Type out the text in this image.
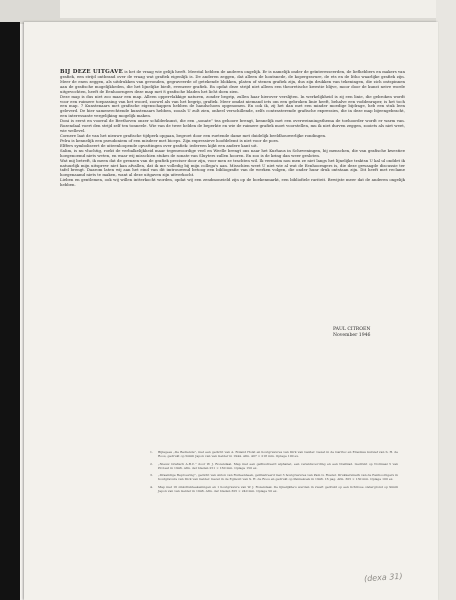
BIJ DEZE UITGAVE is het de vraag wie gelijk heeft. Meestal hebben de anderen ongelijk. Er is namelijk onder de geïnteresseerden, de liefhebbers en makers van grafiek, een strijd ontbrand over de vraag wat grafiek eigenlijk is. De anderen zeggen, dat alleen de houtsnede, de kopergravure, de ets en de litho waarlijke grafiek zijn. Meer de enen zeggen, als uitdrukken van gevonden, gegraveerde of getekende blokken, platen of stenen grafiek zijn, dus zijn drukken van tekeningen, die zich ontspinnen aan de grafische mogelijkheden, die het lijnelijke biedt, evenzeer grafiek. En opdat deze strijd niet alleen een theoretische kwestie blijve, moor door de kunst neive worde uitgevochten, heeft de Eenhoorngers deze map met 8 grafische bladen het licht doen zien.

Deze map is dus niet zoo maar een map. Alleen oppervlakkige naturen, zonder begrip, zullen haar hierover verslijten. In werkelijkheid is zij een linie, die gebroken wordt voor een ruimere toepassing van het woord, zoowel als van het begrip, grafiek. Meer omdat niemand iets om een gebroken linie heeft, behalve een voddenraper, is het toch een map. 7 Kunstenaars met grafische eigenschappen hebben de handschoen opgenomen. En ook ik, zij het dan met een minder moedige bijdrage, heb een stuk leen geleverd. De hier samenvechtende kunstenaars hebben, zooals U zult zien, onheel verschillende, zelfs contrasterende grafische expressies, die in deze map bijeengebracht, een interessante vergelijking mogelijk maken.

Doni is eerst en voorral de Beethoven onzer schilderkunst, die een „sonate” tea gehoore brengt, kennelijk met een overweinningsthema de toehoorder wordt er warm van. Rozendaal voert den strijd zelf ten tonneele. Wie van de twee helden de beperkte en wie de ruimere grafiek moet voorstellen, mu ik niet durven zeggen, zooiets als niet weet, wie wellevel.

Cornere laat de van het nieuwe grafische tijdperk opgaan, begroet door een ruetende dame met duidelijk beeldhouwerlijke rondingen.

Pelra is kennelijk een pseudoniem of een misdeer met biceps. Zijn expressieve hoofdelemt is niet voor de poes.

Elffers symboliseert de uiteenloopende opvattingen over grafiek: iedereen kijkt een andere kant uit.

Salim, is nu vluchtig, roekt de verbalkelijkheid maar tegenwoordige veel en Weelle brengt ons naar het Kurhaus in Scheveningen, bij menschen, die van grafische kwestiee hoegenoemd niets weten, en waar wij misschien stukes de sonate van Sluyters zullen hooren. En zoo is de kring dan weer gesloten.

Wat mij betreft, ik meen dat de grenzen van de grafiek preciser door zijn, voor men ze trachten wil. Ik vermoim nou men ze niet langs het lijnelijke traktsn U kal ul onddet ik natuurlijk mijn uitsprevr niet kan afvallen, dat ik me volledig bij mijn collega's aan. Misschien weet U niet wie al wat de Eenhoorngers is, die deze gewaagde discussie ter tafel brengt. Daarom laten wij aan het eind van dit imtrouwend betoog een bibliografie van de werken volgen, die onder hunr druk ontstaan zijn. Dit heeft met reclame hoegenaamd niets te maken, want al deze uitgaven zijn uitverkocht.

Lieben en gentlemen, ook wij willen intterkocht worden, opdat wij een zendmoneield zijn op de boekenmarkt, een bibliofiele rariteit. Bewijste meer dat de anderen ongelijk hebben.

PAUL CITROEN
November 1946
1.	Bijlagees „De Bediende”, met een gedicht van A. Roland Holst en houtgravures van Dirk van Gelder. Gezet in de Garrisc en Erasmus kursief van S. H. de Roos, gedrukt op Simili Japon van van Gelder in 1944. Afm. 407 × 218 mm. Oplage 100 ex.
2.	„Nieuw Grafisch A.B.C.” door W. J. Rozendaal. Map met een geïllustreerd alphabet, een verantwoording en een titelblad. Gedrukt op Normaal 5 van Protest in 1946. Afm. der bladen 251 × 160 mm. Oplage 150 ex.
3.	„Draaiidige Beproeving”, gedicht van Anton van Ruiteenbeek, geïllustreerd met 3 houtgravures van Pam G. Rueter. Drukkersmerk van de Eenhoorngers in houtgravure van Dick van Gelder. Gezet in de Egmont van S. H. de Roos en gedrukt op Pannekoek in 1946. 16 pag. Afm. 305 × 130 mm. Oplage 100 ex.
4.	Map met 16 zinkdrukteekeningen en 1 houtgravure van W. J. Rozendaal. De lijnelijkhe's werden in zwart gedrukt op een lichtrose ondergrond op Simili Japon van van Gelder in 1946. Afm. der bladen 305 × 240 mm. Oplage 50 ex.
(dexa 31)
